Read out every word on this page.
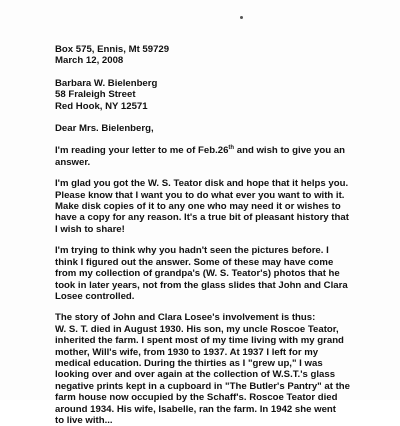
Box 575, Ennis, Mt 59729
March 12, 2008
Barbara W. Bielenberg
58 Fraleigh Street
Red Hook, NY 12571
Dear Mrs. Bielenberg,
I'm reading your letter to me of Feb.26th and wish to give you an
answer.
I'm glad you got the W. S. Teator disk and hope that it helps you.
Please know that I want you to do what ever you want to with it.
Make disk copies of it to any one who may need it or wishes to
have a copy for any reason. It's a true bit of pleasant history that
I wish to share!
I'm trying to think why you hadn't seen the pictures before. I
think I figured out the answer. Some of these may have come
from my collection of grandpa's (W. S. Teator's) photos that he
took in later years, not from the glass slides that John and Clara
Losee controlled.
The story of John and Clara Losee's involvement is thus:
W. S. T. died in August 1930. His son, my uncle Roscoe Teator,
inherited the farm. I spent most of my time living with my grand
mother, Will's wife, from 1930 to 1937. At 1937 I left for my
medical education. During the thirties as I "grew up," I was
looking over and over again at the collection of W.S.T.'s glass
negative prints kept in a cupboard in "The Butler's Pantry" at the
farm house now occupied by the Schaff's. Roscoe Teator died
around 1934. His wife, Isabelle, ran the farm. In 1942 she went
to live with...
